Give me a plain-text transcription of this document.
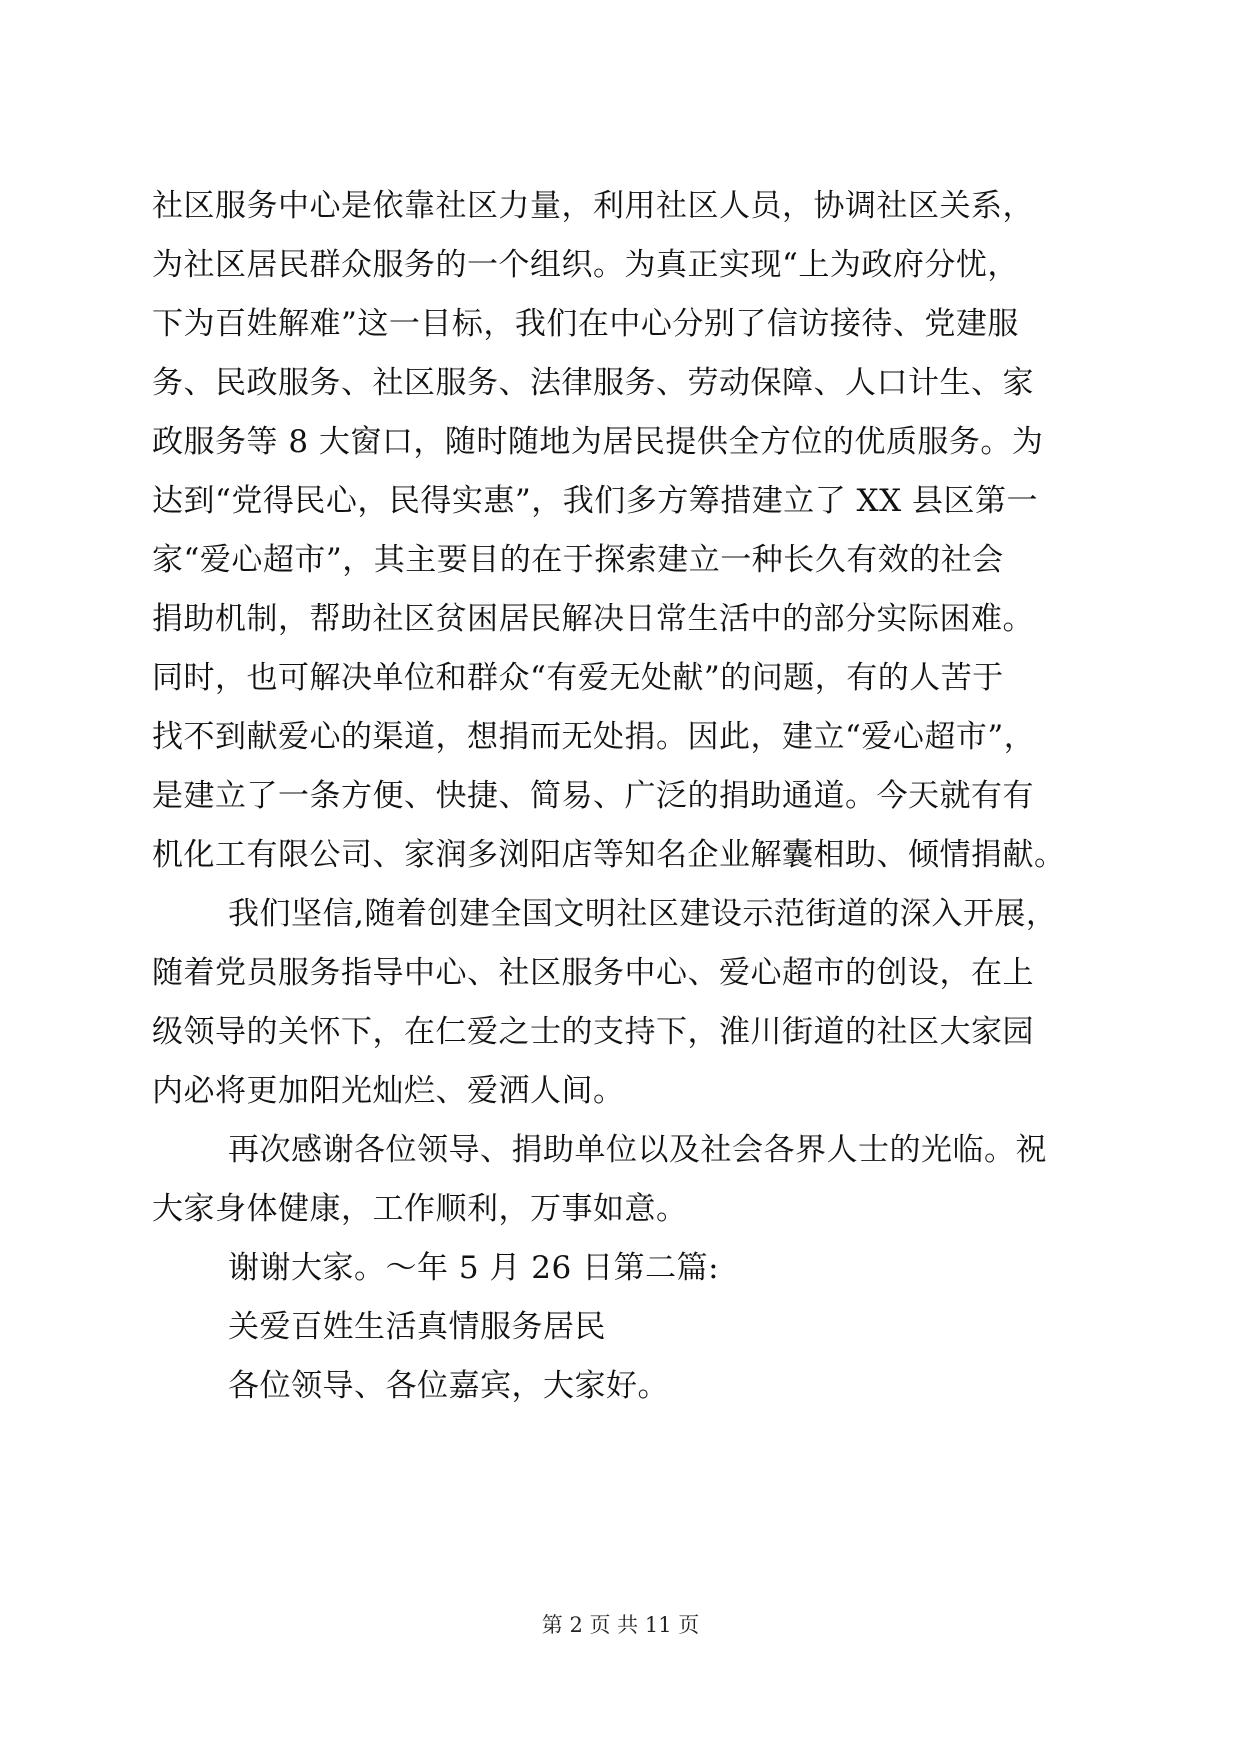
社区服务中心是依靠社区力量，利用社区人员，协调社区关系，
为社区居民群众服务的一个组织。为真正实现“上为政府分忧，
下为百姓解难”这一目标，我们在中心分别了信访接待、党建服
务、民政服务、社区服务、法律服务、劳动保障、人口计生、家
政服务等 8 大窗口，随时随地为居民提供全方位的优质服务。为
达到“党得民心，民得实惠”，我们多方筹措建立了 XX 县区第一
家“爱心超市”，其主要目的在于探索建立一种长久有效的社会
捐助机制，帮助社区贫困居民解决日常生活中的部分实际困难。
同时，也可解决单位和群众“有爱无处献”的问题，有的人苦于
找不到献爱心的渠道，想捐而无处捐。因此，建立“爱心超市”，
是建立了一条方便、快捷、简易、广泛的捐助通道。今天就有有
机化工有限公司、家润多浏阳店等知名企业解囊相助、倾情捐献。
我们坚信,随着创建全国文明社区建设示范街道的深入开展，
随着党员服务指导中心、社区服务中心、爱心超市的创设，在上
级领导的关怀下，在仁爱之士的支持下，淮川街道的社区大家园
内必将更加阳光灿烂、爱洒人间。
再次感谢各位领导、捐助单位以及社会各界人士的光临。祝
大家身体健康，工作顺利，万事如意。
谢谢大家。～年 5 月 26 日第二篇:
关爱百姓生活真情服务居民
各位领导、各位嘉宾，大家好。
第 2 页 共 11 页
